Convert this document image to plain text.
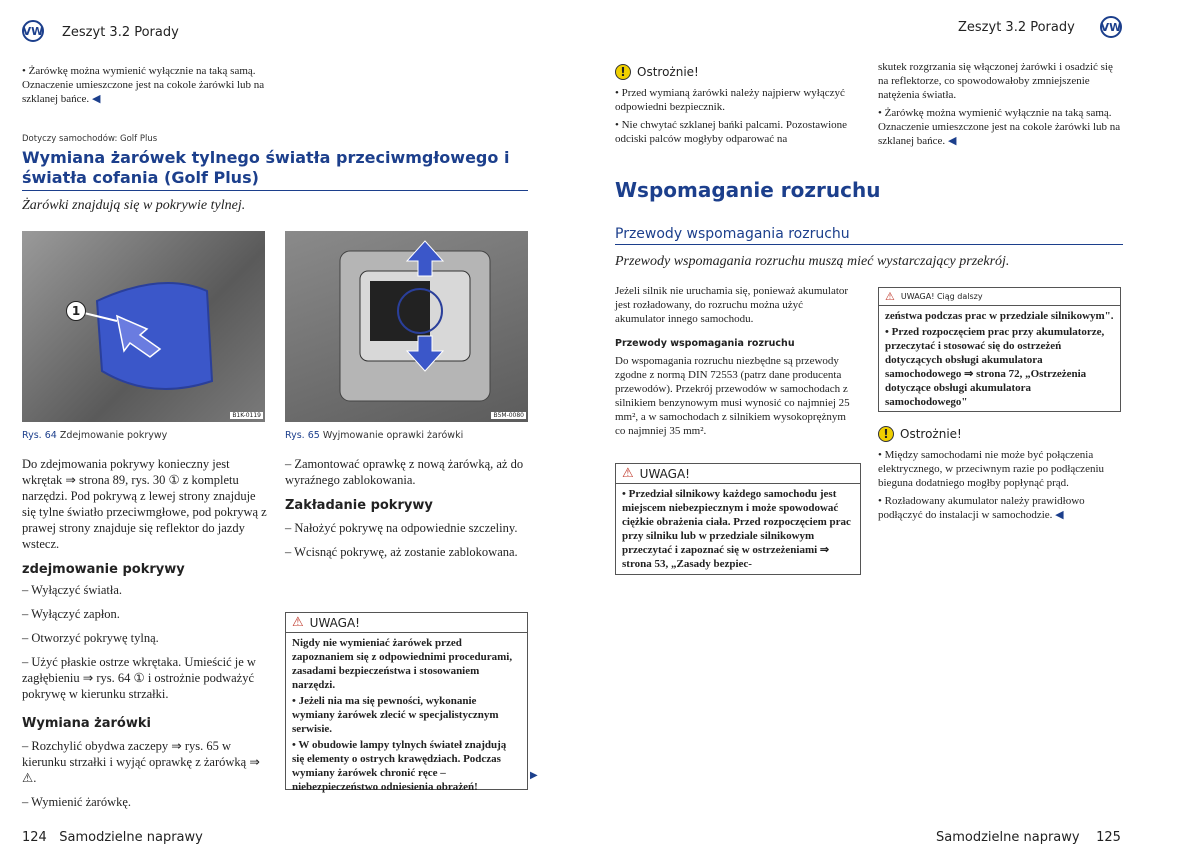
VW Zeszyt 3.2 Porady
• Żarówkę można wymienić wyłącznie na taką samą. Oznaczenie umieszczone jest na cokole żarówki lub na szklanej bańce. ◀
Dotyczy samochodów: Golf Plus
Wymiana żarówek tylnego światła przeciwmgłowego i światła cofania (Golf Plus)
Żarówki znajdują się w pokrywie tylnej.
1
B1K-0119
Rys. 64 Zdejmowanie pokrywy
B5M-0080
Rys. 65 Wyjmowanie oprawki żarówki
Do zdejmowania pokrywy konieczny jest wkrętak ⇒ strona 89, rys. 30 ① z kompletu narzędzi. Pod pokrywą z lewej strony znajduje się tylne światło przeciwmgłowe, pod pokrywą z prawej strony znajduje się reflektor do jazdy wstecz.
zdejmowanie pokrywy

– Wyłączyć światła.

– Wyłączyć zapłon.

– Otworzyć pokrywę tylną.

– Użyć płaskie ostrze wkrętaka. Umieścić je w zagłębieniu ⇒ rys. 64 ① i ostrożnie podważyć pokrywę w kierunku strzałki.

Wymiana żarówki

– Rozchylić obydwa zaczepy ⇒ rys. 65 w kierunku strzałki i wyjąć oprawkę z żarówką ⇒ ⚠.

– Wymienić żarówkę.

– Zamontować oprawkę z nową żarówką, aż do wyraźnego zablokowania.
Zakładanie pokrywy

– Nałożyć pokrywę na odpowiednie szczeliny.

– Wcisnąć pokrywę, aż zostanie zablokowana.

⚠ UWAGA!

Nigdy nie wymieniać żarówek przed zapoznaniem się z odpowiednimi procedurami, zasadami bezpieczeństwa i stosowaniem narzędzi.

• Jeżeli nia ma się pewności, wykonanie wymiany żarówek zlecić w specjalistycznym serwisie.

• W obudowie lampy tylnych świateł znajdują się elementy o ostrych krawędziach. Podczas wymiany żarówek chronić ręce – niebezpieczeństwo odniesienia obrażeń!

▶
124 Samodzielne naprawy
Zeszyt 3.2 Porady VW
! Ostrożnie!

• Przed wymianą żarówki należy najpierw wyłączyć odpowiedni bezpiecznik.

• Nie chwytać szklanej bańki palcami. Pozostawione odciski palców mogłyby odparować na

skutek rozgrzania się włączonej żarówki i osadzić się na reflektorze, co spowodowałoby zmniejszenie natężenia światła.

• Żarówkę można wymienić wyłącznie na taką samą. Oznaczenie umieszczone jest na cokole żarówki lub na szklanej bańce. ◀

Wspomaganie rozruchu
Przewody wspomagania rozruchu
Przewody wspomagania rozruchu muszą mieć wystarczający przekrój.
Jeżeli silnik nie uruchamia się, ponieważ akumulator jest rozładowany, do rozruchu można użyć akumulator innego samochodu.
Przewody wspomagania rozruchu
Do wspomagania rozruchu niezbędne są przewody zgodne z normą DIN 72553 (patrz dane producenta przewodów). Przekrój przewodów w samochodach z silnikiem benzynowym musi wynosić co najmniej 25 mm², a w samochodach z silnikiem wysokoprężnym co najmniej 35 mm².
⚠ UWAGA!
• Przedział silnikowy każdego samochodu jest miejscem niebezpiecznym i może spowodować ciężkie obrażenia ciała. Przed rozpoczęciem prac przy silniku lub w przedziale silnikowym przeczytać i zapoznać się w ostrzeżeniami ⇒ strona 53, „Zasady bezpiec-
⚠ UWAGA! Ciąg dalszy

zeństwa podczas prac w przedziale silnikowym".

• Przed rozpoczęciem prac przy akumulatorze, przeczytać i stosować się do ostrzeżeń dotyczących obsługi akumulatora samochodowego ⇒ strona 72, „Ostrzeżenia dotyczące obsługi akumulatora samochodowego"

! Ostrożnie!

• Między samochodami nie może być połączenia elektrycznego, w przeciwnym razie po podłączeniu bieguna dodatniego mogłby popłynąć prąd.

• Rozładowany akumulator należy prawidłowo podłączyć do instalacji w samochodzie. ◀

Samodzielne naprawy 125
